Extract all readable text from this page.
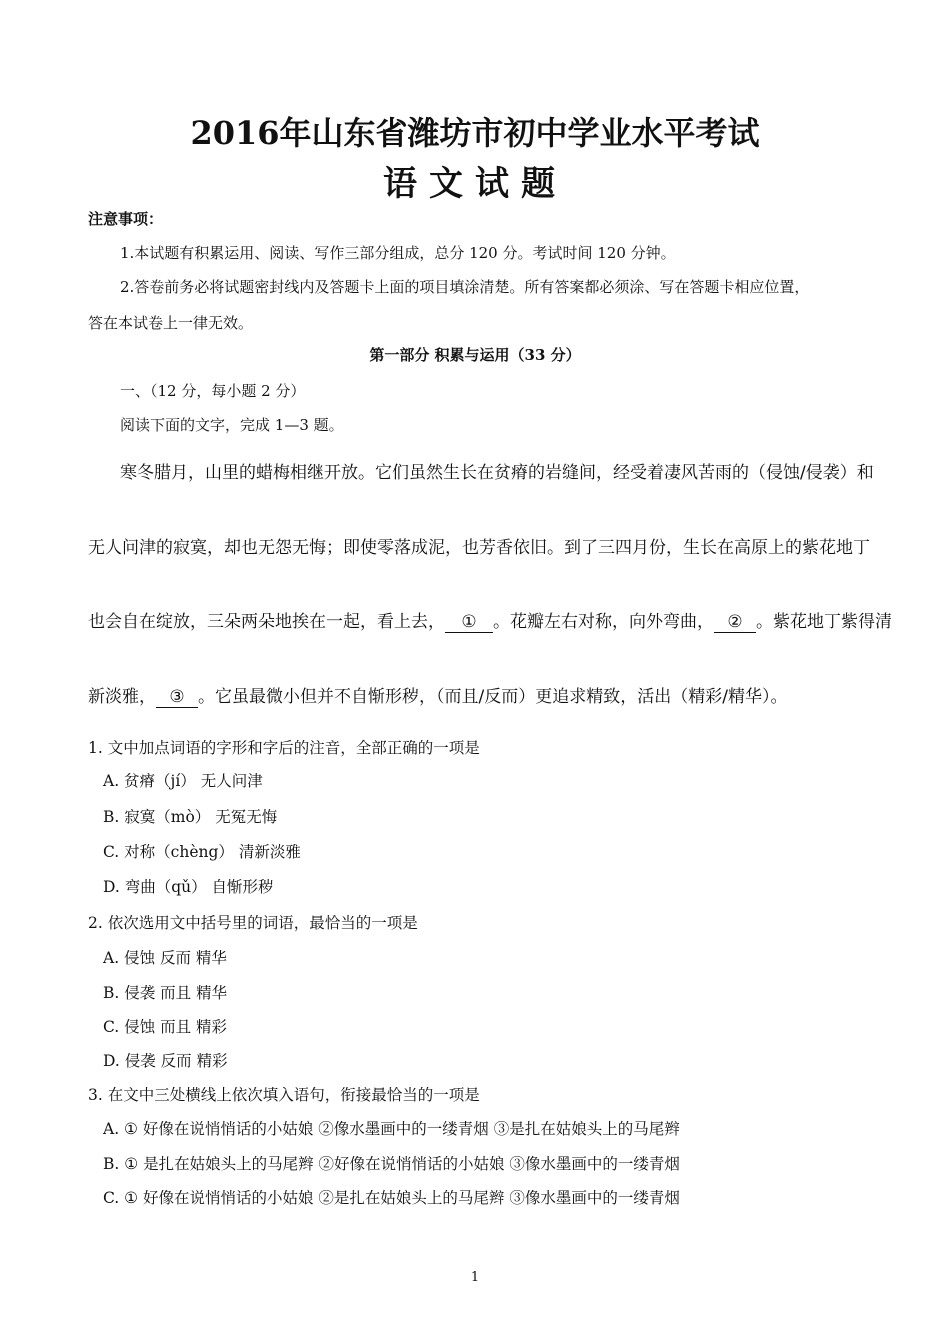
2016年山东省潍坊市初中学业水平考试
语文试题
注意事项：
1.本试题有积累运用、阅读、写作三部分组成，总分 120 分。考试时间 120 分钟。
2.答卷前务必将试题密封线内及答题卡上面的项目填涂清楚。所有答案都必须涂、写在答题卡相应位置，
答在本试卷上一律无效。
第一部分 积累与运用（33 分）
一、（12 分，每小题 2 分）
阅读下面的文字，完成 1—3 题。
寒冬腊月，山里的蜡梅相继开放。它们虽然生长在贫瘠的岩缝间，经受着凄风苦雨的（侵蚀/侵袭）和
无人问津的寂寞，却也无怨无悔；即使零落成泥，也芳香依旧。到了三四月份，生长在高原上的紫花地丁
也会自在绽放，三朵两朵地挨在一起，看上去， ① 。花瓣左右对称，向外弯曲， ② 。紫花地丁紫得清
新淡雅， ③ 。它虽最微小但并不自惭形秽，（而且/反而）更追求精致，活出（精彩/精华）。
1. 文中加点词语的字形和字后的注音，全部正确的一项是
A. 贫瘠（jí） 无人问津
B. 寂寞（mò） 无冤无悔
C. 对称（chèng） 清新淡雅
D. 弯曲（qǔ） 自惭形秽
2. 依次选用文中括号里的词语，最恰当的一项是
A. 侵蚀 反而 精华
B. 侵袭 而且 精华
C. 侵蚀 而且 精彩
D. 侵袭 反而 精彩
3. 在文中三处横线上依次填入语句，衔接最恰当的一项是
A. ① 好像在说悄悄话的小姑娘 ②像水墨画中的一缕青烟 ③是扎在姑娘头上的马尾辫
B. ① 是扎在姑娘头上的马尾辫 ②好像在说悄悄话的小姑娘 ③像水墨画中的一缕青烟
C. ① 好像在说悄悄话的小姑娘 ②是扎在姑娘头上的马尾辫 ③像水墨画中的一缕青烟
1
